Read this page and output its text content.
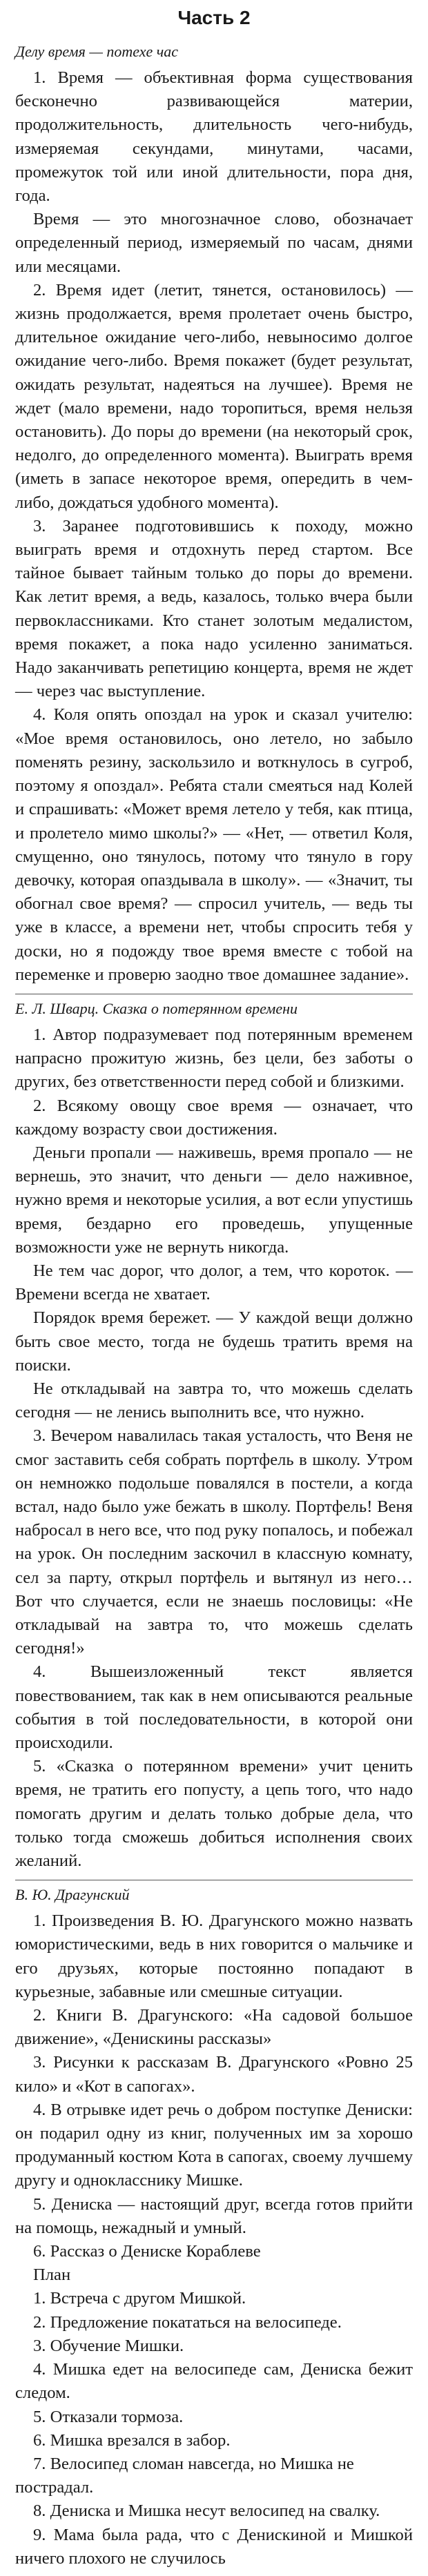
Часть 2
Делу время — потехе час

1. Время — объективная форма существования бесконечно развивающейся материи, продолжительность, длительность чего-нибудь, измеряемая секундами, минутами, часами, промежуток той или иной длительности, пора дня, года.

Время — это многозначное слово, обозначает определенный период, измеряемый по часам, днями или месяцами.

2. Время идет (летит, тянется, остановилось) — жизнь продолжается, время пролетает очень быстро, длительное ожидание чего-либо, невыносимо долгое ожидание чего-либо. Время покажет (будет результат, ожидать результат, надеяться на лучшее). Время не ждет (мало времени, надо торопиться, время нельзя остановить). До поры до времени (на некоторый срок, недолго, до определенного момента). Выиграть время (иметь в запасе некоторое время, опередить в чем-либо, дождаться удобного момента).

3. Заранее подготовившись к походу, можно выиграть время и отдохнуть перед стартом. Все тайное бывает тайным только до поры до времени. Как летит время, а ведь, казалось, только вчера были первоклассниками. Кто станет золотым медалистом, время покажет, а пока надо усиленно заниматься. Надо заканчивать репетицию концерта, время не ждет — через час выступление.

4. Коля опять опоздал на урок и сказал учителю: «Мое время остановилось, оно летело, но забыло поменять резину, заскользило и воткнулось в сугроб, поэтому я опоздал». Ребята стали смеяться над Колей и спрашивать: «Может время летело у тебя, как птица, и пролетело мимо школы?» — «Нет, — ответил Коля, смущенно, оно тянулось, потому что тянуло в гору девочку, которая опаздывала в школу». — «Значит, ты обогнал свое время? — спросил учитель, — ведь ты уже в классе, а времени нет, чтобы спросить тебя у доски, но я подожду твое время вместе с тобой на переменке и проверю заодно твое домашнее задание».

Е. Л. Шварц. Сказка о потерянном времени

1. Автор подразумевает под потерянным временем напрасно прожитую жизнь, без цели, без заботы о других, без ответственности перед собой и близкими.

2. Всякому овощу свое время — означает, что каждому возрасту свои достижения.

Деньги пропали — наживешь, время пропало — не вернешь, это значит, что деньги — дело наживное, нужно время и некоторые усилия, а вот если упустишь время, бездарно его проведешь, упущенные возможности уже не вернуть никогда.

Не тем час дорог, что долог, а тем, что короток. — Времени всегда не хватает.

Порядок время бережет. — У каждой вещи должно быть свое место, тогда не будешь тратить время на поиски.

Не откладывай на завтра то, что можешь сделать сегодня — не ленись выполнить все, что нужно.

3. Вечером навалилась такая усталость, что Веня не смог заставить себя собрать портфель в школу. Утром он немножко подольше повалялся в постели, а когда встал, надо было уже бежать в школу. Портфель! Веня набросал в него все, что под руку попалось, и побежал на урок. Он последним заскочил в классную комнату, сел за парту, открыл портфель и вытянул из него… Вот что случается, если не знаешь пословицы: «Не откладывай на завтра то, что можешь сделать сегодня!»

4. Вышеизложенный текст является повествованием, так как в нем описываются реальные события в той последовательности, в которой они происходили.

5. «Сказка о потерянном времени» учит ценить время, не тратить его попусту, а цепь того, что надо помогать другим и делать только добрые дела, что только тогда сможешь добиться исполнения своих желаний.

В. Ю. Драгунский

1. Произведения В. Ю. Драгунского можно назвать юмористическими, ведь в них говорится о мальчике и его друзьях, которые постоянно попадают в курьезные, забавные или смешные ситуации.

2. Книги В. Драгунского: «На садовой большое движение», «Денискины рассказы»

3. Рисунки к рассказам В. Драгунского «Ровно 25 кило» и «Кот в сапогах».

4. В отрывке идет речь о добром поступке Дениски: он подарил одну из книг, полученных им за хорошо продуманный костюм Кота в сапогах, своему лучшему другу и однокласснику Мишке.

5. Дениска — настоящий друг, всегда готов прийти на помощь, нежадный и умный.

6. Рассказ о Дениске Кораблеве

План

1. Встреча с другом Мишкой.

2. Предложение покататься на велосипеде.

3. Обучение Мишки.

4. Мишка едет на велосипеде сам, Дениска бежит следом.

5. Отказали тормоза.

6. Мишка врезался в забор.

7. Велосипед сломан навсегда, но Мишка не пострадал.

8. Дениска и Мишка несут велосипед на свалку.

9. Мама была рада, что с Денискиной и Мишкой ничего плохого не случилось
